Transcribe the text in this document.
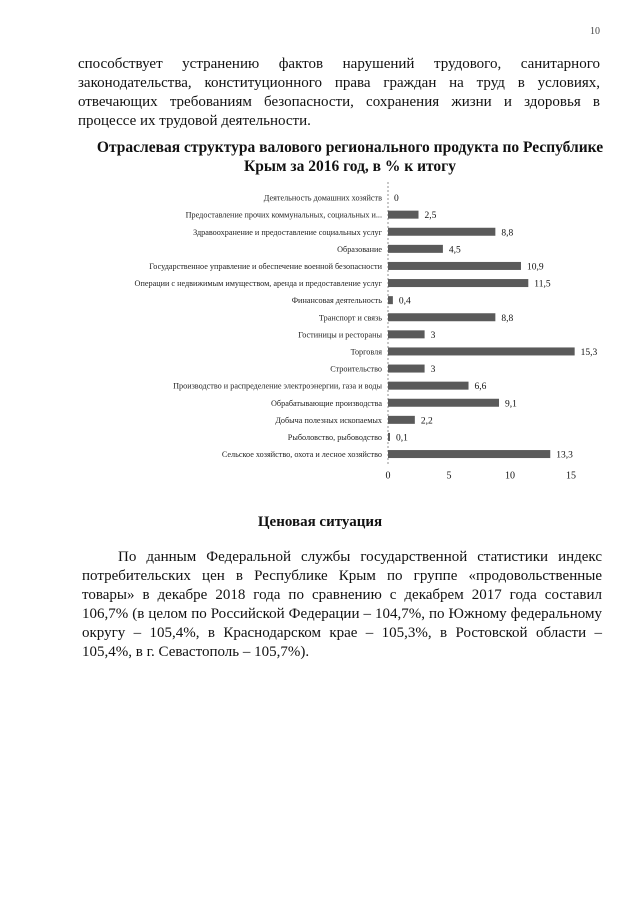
10

способствует устранению фактов нарушений трудового, санитарного законодательства, конституционного права граждан на труд в условиях, отвечающих требованиям безопасности, сохранения жизни и здоровья в процессе их трудовой деятельности.

Отраслевая структура валового регионального продукта по Республике Крым за 2016 год, в % к итогу
Деятельность домашних хозяйств 0
Предоставление прочих коммунальных, социальных и...	2,5
Здравоохранение и предоставление социальных услуг	8,8
Образование	4,5
Государственное управление и обеспечение военной безопасности	10,9
Операции с недвижимым имуществом, аренда и предоставление услуг	11,5
Финансовая деятельность 0,4
Транспорт и связь	8,8
Гостиницы и рестораны	3
Торговля	15,3
Строительство	3
Производство и распределение электроэнергии, газа и воды	6,6
Обрабатывающие производства	9,1
Добыча полезных ископаемых	2,2
Рыболовство, рыбоводство 0,1
Сельское хозяйство, охота и лесное хозяйство	13,3
0	5	10	15
Ценовая ситуация

По данным Федеральной службы государственной статистики индекс потребительских цен в Республике Крым по группе «продовольственные товары» в декабре 2018 года по сравнению с декабрем 2017 года составил 106,7% (в целом по Российской Федерации – 104,7%, по Южному федеральному округу – 105,4%, в Краснодарском крае – 105,3%, в Ростовской области – 105,4%, в г. Севастополь – 105,7%).
